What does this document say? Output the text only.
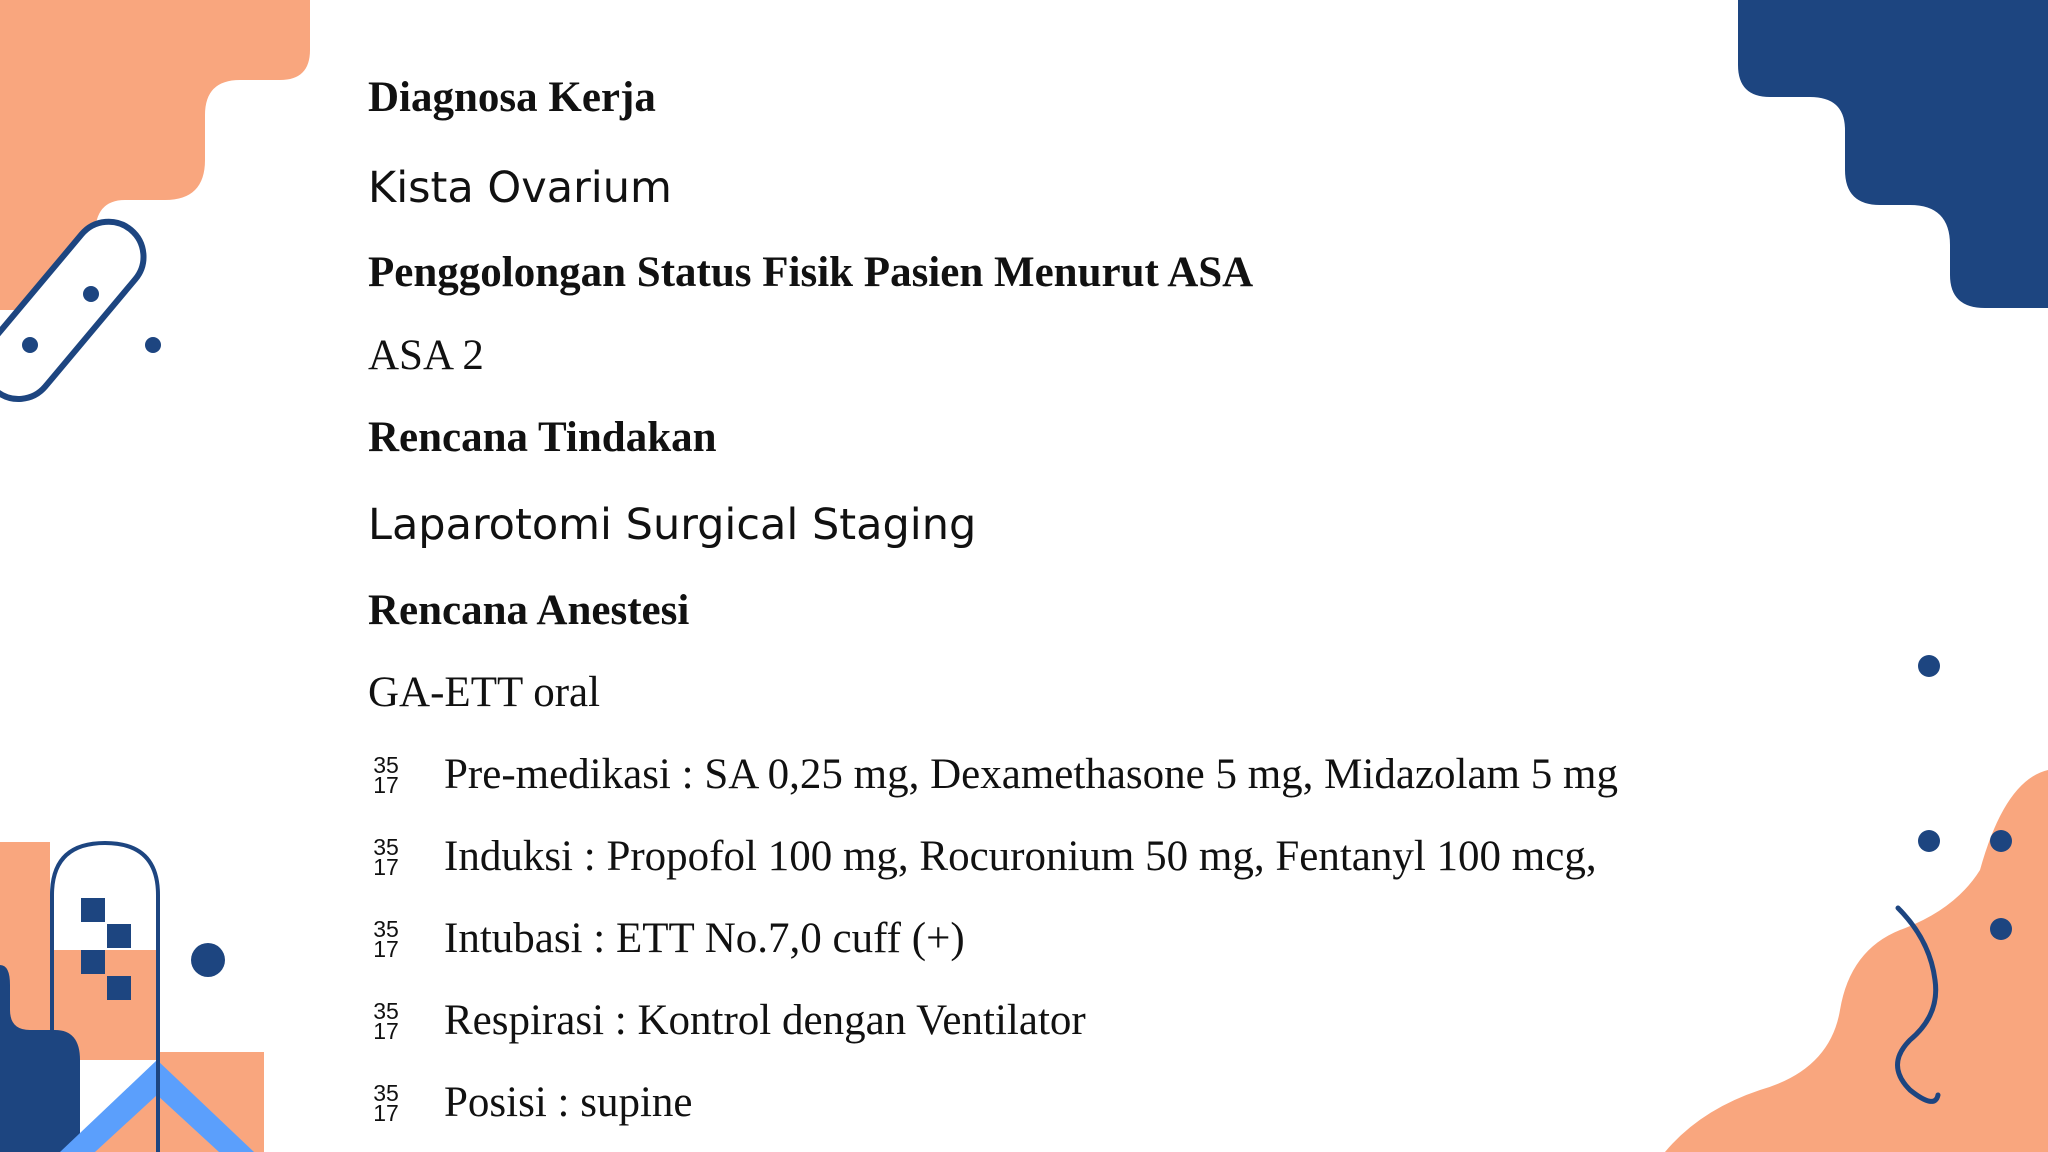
Diagnosa Kerja
Kista Ovarium
Penggolongan Status Fisik Pasien Menurut ASA
ASA 2
Rencana Tindakan
Laparotomi Surgical Staging
Rencana Anestesi
GA-ETT oral
35
17 Pre-medikasi : SA 0,25 mg, Dexamethasone 5 mg, Midazolam 5 mg
35
17 Induksi : Propofol 100 mg, Rocuronium 50 mg, Fentanyl 100 mcg,
35
17 Intubasi : ETT No.7,0 cuff (+)
35
17 Respirasi : Kontrol dengan Ventilator
35
17 Posisi : supine
